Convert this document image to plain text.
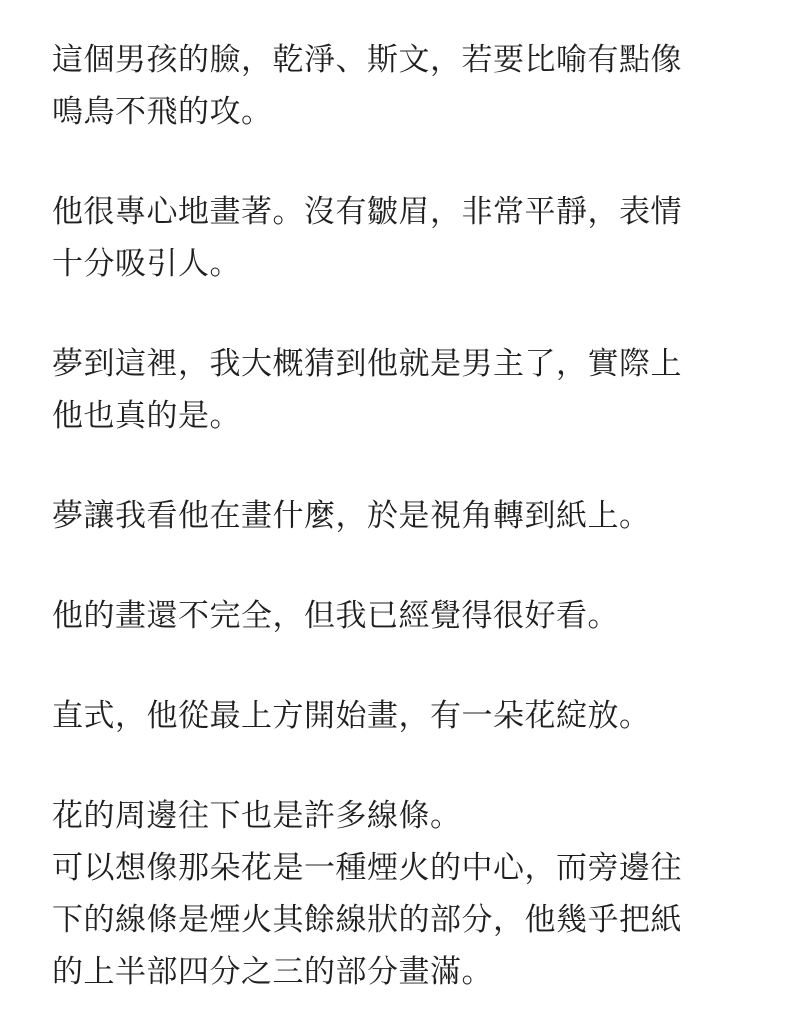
這個男孩的臉，乾淨、斯文，若要比喻有點像
鳴鳥不飛的攻。

他很專心地畫著。沒有皺眉，非常平靜，表情
十分吸引人。

夢到這裡，我大概猜到他就是男主了，實際上
他也真的是。

夢讓我看他在畫什麼，於是視角轉到紙上。

他的畫還不完全，但我已經覺得很好看。

直式，他從最上方開始畫，有一朵花綻放。

花的周邊往下也是許多線條。

可以想像那朵花是一種煙火的中心，而旁邊往
下的線條是煙火其餘線狀的部分，他幾乎把紙
的上半部四分之三的部分畫滿。
